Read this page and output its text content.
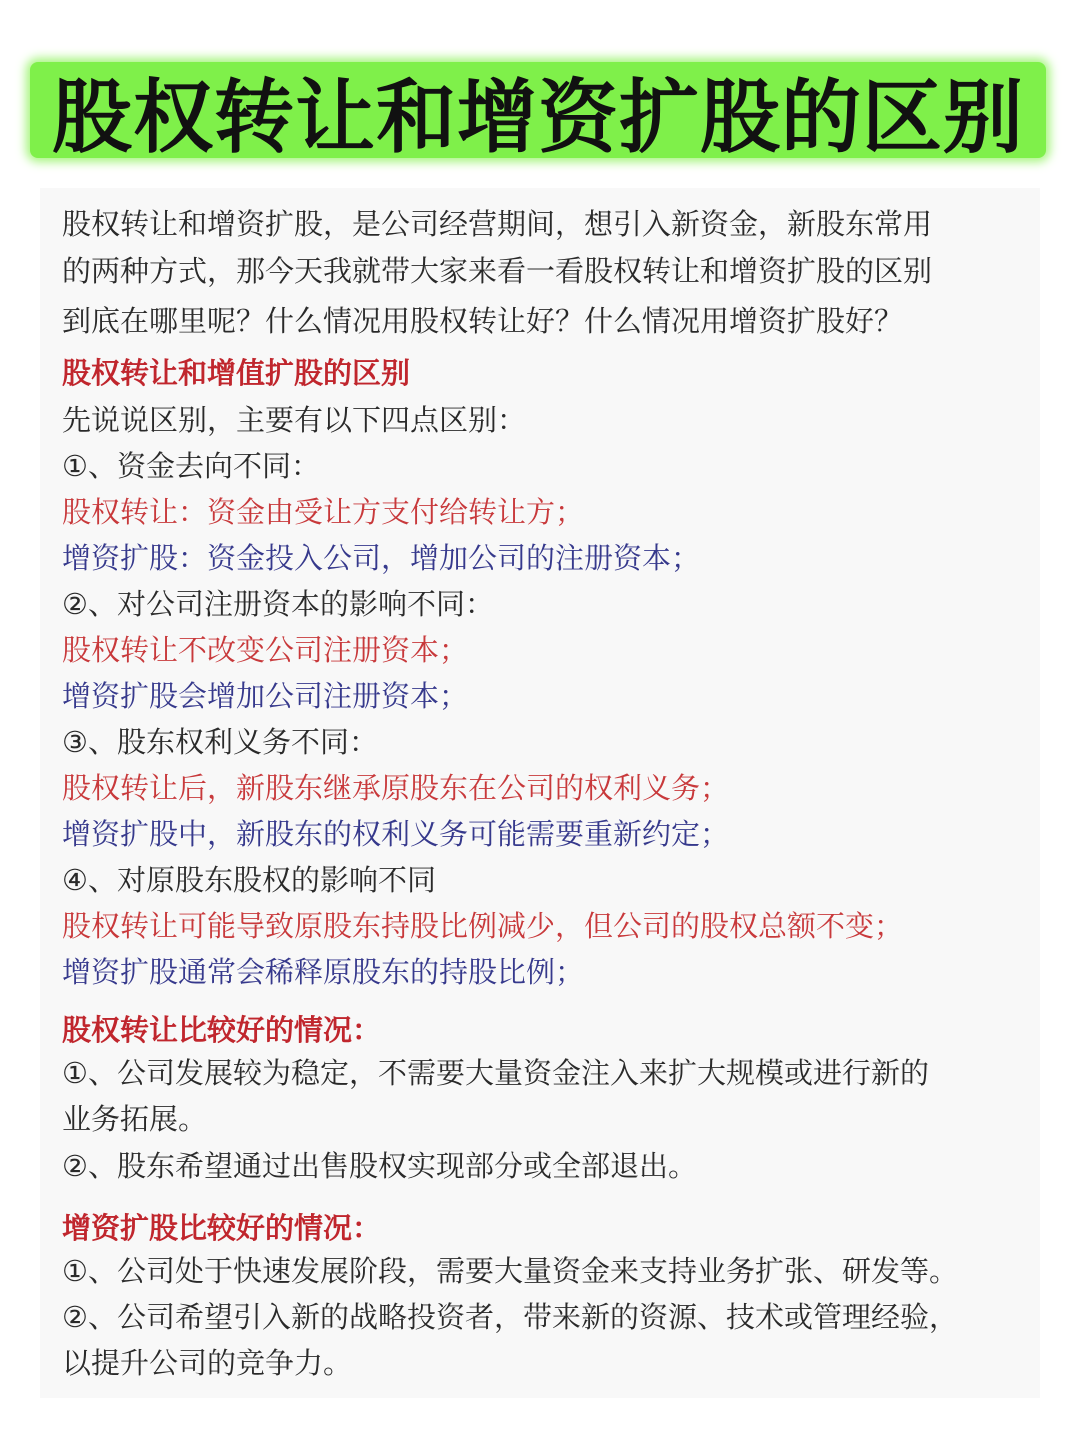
股权转让和增资扩股的区别
股权转让和增资扩股，是公司经营期间，想引入新资金，新股东常用
的两种方式，那今天我就带大家来看一看股权转让和增资扩股的区别
到底在哪里呢？什么情况用股权转让好？什么情况用增资扩股好？
股权转让和增值扩股的区别
先说说区别，主要有以下四点区别：
①、资金去向不同：
股权转让：资金由受让方支付给转让方；
增资扩股：资金投入公司，增加公司的注册资本；
②、对公司注册资本的影响不同：
股权转让不改变公司注册资本；
增资扩股会增加公司注册资本；
③、股东权利义务不同：
股权转让后，新股东继承原股东在公司的权利义务；
增资扩股中，新股东的权利义务可能需要重新约定；
④、对原股东股权的影响不同
股权转让可能导致原股东持股比例减少，但公司的股权总额不变；
增资扩股通常会稀释原股东的持股比例；
股权转让比较好的情况：
①、公司发展较为稳定，不需要大量资金注入来扩大规模或进行新的
业务拓展。
②、股东希望通过出售股权实现部分或全部退出。
增资扩股比较好的情况：
①、公司处于快速发展阶段，需要大量资金来支持业务扩张、研发等。
②、公司希望引入新的战略投资者，带来新的资源、技术或管理经验，
以提升公司的竞争力。
